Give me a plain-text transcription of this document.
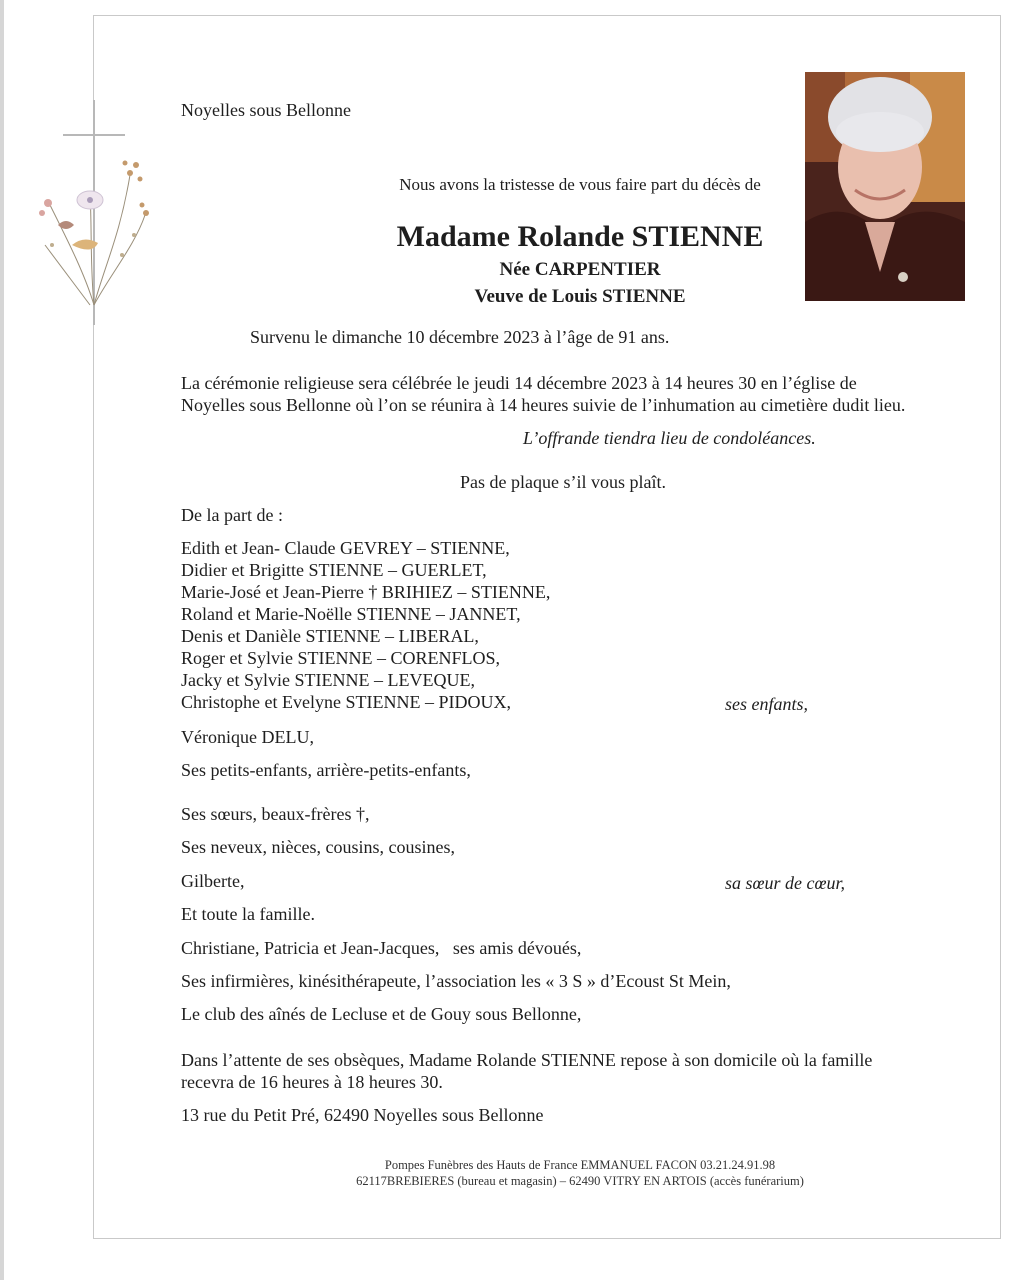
Noyelles sous Bellonne
Nous avons la tristesse de vous faire part du décès de
Madame Rolande STIENNE
Née CARPENTIER
Veuve de Louis STIENNE
Survenu le dimanche 10 décembre 2023 à l’âge de 91 ans.
La cérémonie religieuse sera célébrée le jeudi 14 décembre 2023 à 14 heures 30 en l’église de
Noyelles sous Bellonne où l’on se réunira à 14 heures suivie de l’inhumation au cimetière dudit lieu.
L’offrande tiendra lieu de condoléances.
Pas de plaque s’il vous plaît.
De la part de :
Edith et Jean- Claude GEVREY – STIENNE,
Didier et Brigitte STIENNE – GUERLET,
Marie-José et Jean-Pierre † BRIHIEZ – STIENNE,
Roland et Marie-Noëlle STIENNE – JANNET,
Denis et Danièle STIENNE – LIBERAL,
Roger et Sylvie STIENNE – CORENFLOS,
Jacky et Sylvie STIENNE – LEVEQUE,
Christophe et Evelyne STIENNE – PIDOUX,	ses enfants,
Véronique DELU,
Ses petits-enfants, arrière-petits-enfants,
Ses sœurs, beaux-frères †,
Ses neveux, nièces, cousins, cousines,
Gilberte,	sa sœur de cœur,
Et toute la famille.
Christiane, Patricia et Jean-Jacques,   ses amis dévoués,
Ses infirmières, kinésithérapeute, l’association les « 3 S » d’Ecoust St Mein,
Le club des aînés de Lecluse et de Gouy sous Bellonne,
Dans l’attente de ses obsèques, Madame Rolande STIENNE repose à son domicile où la famille
recevra de 16 heures à 18 heures 30.
13 rue du Petit Pré, 62490 Noyelles sous Bellonne
Pompes Funèbres des Hauts de France EMMANUEL FACON 03.21.24.91.98
62117BREBIERES (bureau et magasin) – 62490 VITRY EN ARTOIS (accès funérarium)
